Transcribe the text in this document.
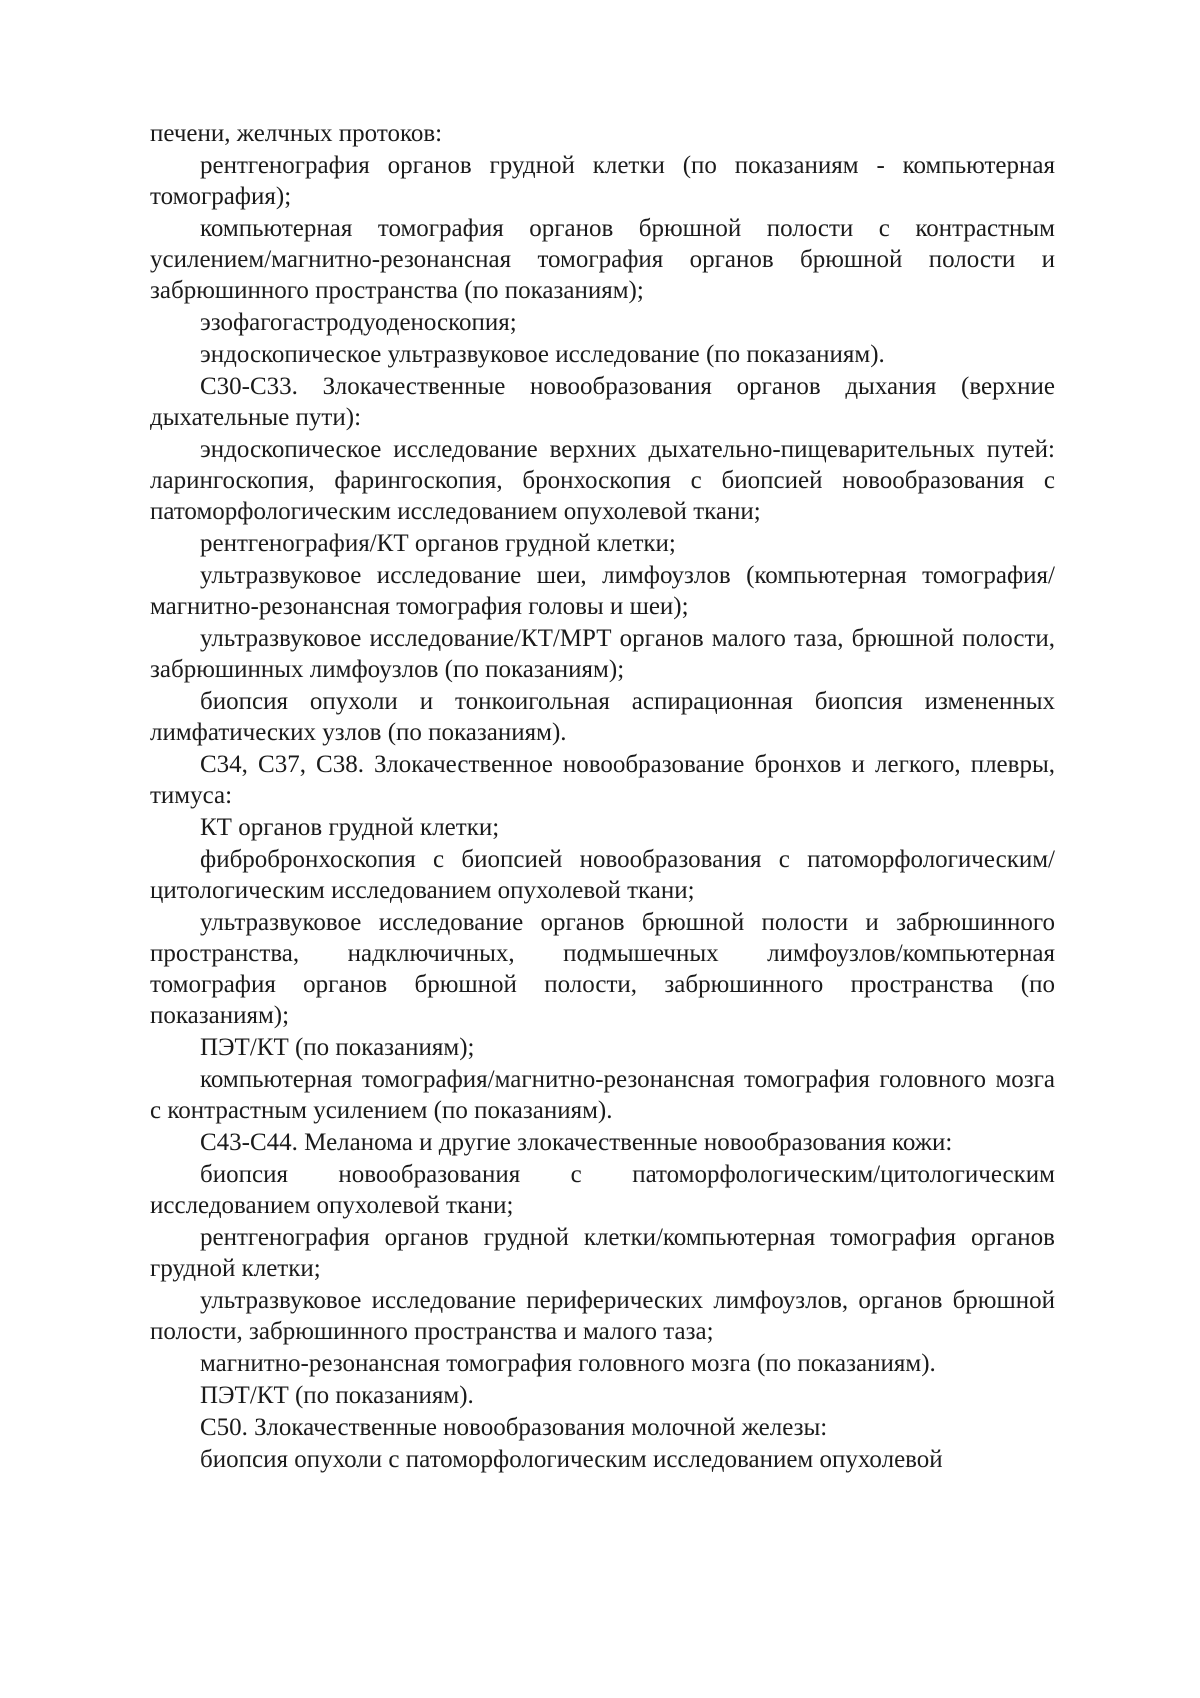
печени, желчных протоков:

рентгенография органов грудной клетки (по показаниям - компьютерная томография);

компьютерная томография органов брюшной полости с контрастным усилением/магнитно-резонансная томография органов брюшной полости и забрюшинного пространства (по показаниям);

эзофагогастродуоденоскопия;

эндоскопическое ультразвуковое исследование (по показаниям).

С30-С33. Злокачественные новообразования органов дыхания (верхние дыхательные пути):

эндоскопическое исследование верхних дыхательно-пищеварительных путей: ларингоскопия, фарингоскопия, бронхоскопия с биопсией новообразования с патоморфологическим исследованием опухолевой ткани;

рентгенография/КТ органов грудной клетки;

ультразвуковое исследование шеи, лимфоузлов (компьютерная томография/магнитно-резонансная томография головы и шеи);

ультразвуковое исследование/КТ/МРТ органов малого таза, брюшной полости, забрюшинных лимфоузлов (по показаниям);

биопсия опухоли и тонкоигольная аспирационная биопсия измененных лимфатических узлов (по показаниям).

С34, С37, С38. Злокачественное новообразование бронхов и легкого, плевры, тимуса:

КТ органов грудной клетки;

фибробронхоскопия с биопсией новообразования с патоморфологическим/цитологическим исследованием опухолевой ткани;

ультразвуковое исследование органов брюшной полости и забрюшинного пространства, надключичных, подмышечных лимфоузлов/компьютерная томография органов брюшной полости, забрюшинного пространства (по показаниям);

ПЭТ/КТ (по показаниям);

компьютерная томография/магнитно-резонансная томография головного мозга с контрастным усилением (по показаниям).

С43-С44. Меланома и другие злокачественные новообразования кожи:

биопсия новообразования с патоморфологическим/цитологическим исследованием опухолевой ткани;

рентгенография органов грудной клетки/компьютерная томография органов грудной клетки;

ультразвуковое исследование периферических лимфоузлов, органов брюшной полости, забрюшинного пространства и малого таза;

магнитно-резонансная томография головного мозга (по показаниям).

ПЭТ/КТ (по показаниям).

С50. Злокачественные новообразования молочной железы:

биопсия опухоли с патоморфологическим исследованием опухолевой
